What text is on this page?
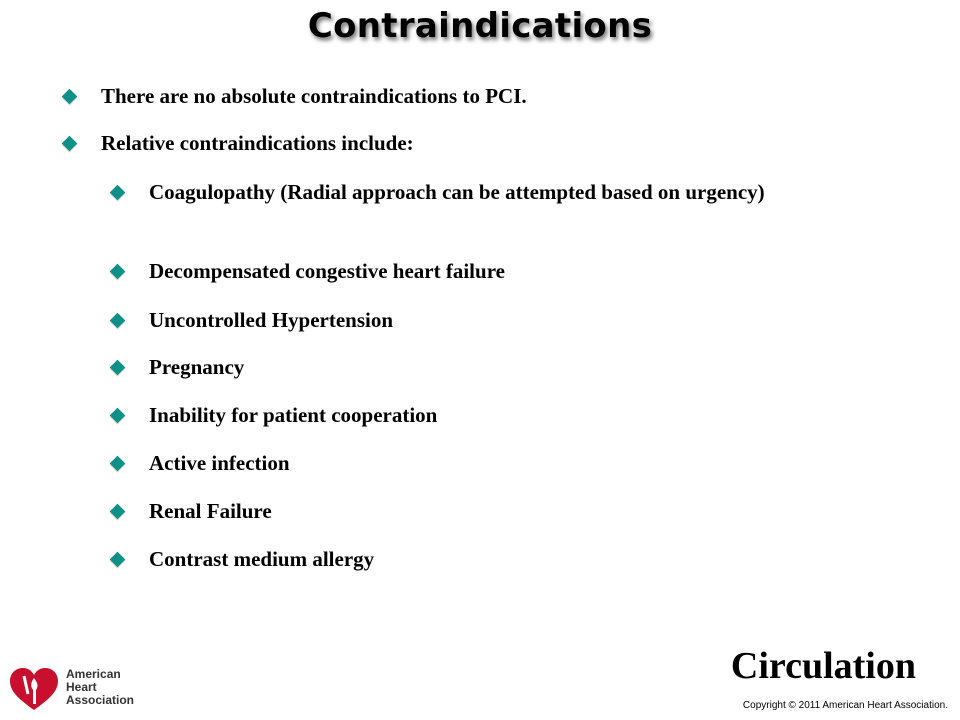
Contraindications
There are no absolute contraindications to PCI.
Relative contraindications include:
Coagulopathy (Radial approach can be attempted based on urgency)
Decompensated congestive heart failure
Uncontrolled Hypertension
Pregnancy
Inability for patient cooperation
Active infection
Renal Failure
Contrast medium allergy
American
Heart
Association
Circulation
Copyright © 2011 American Heart Association.
